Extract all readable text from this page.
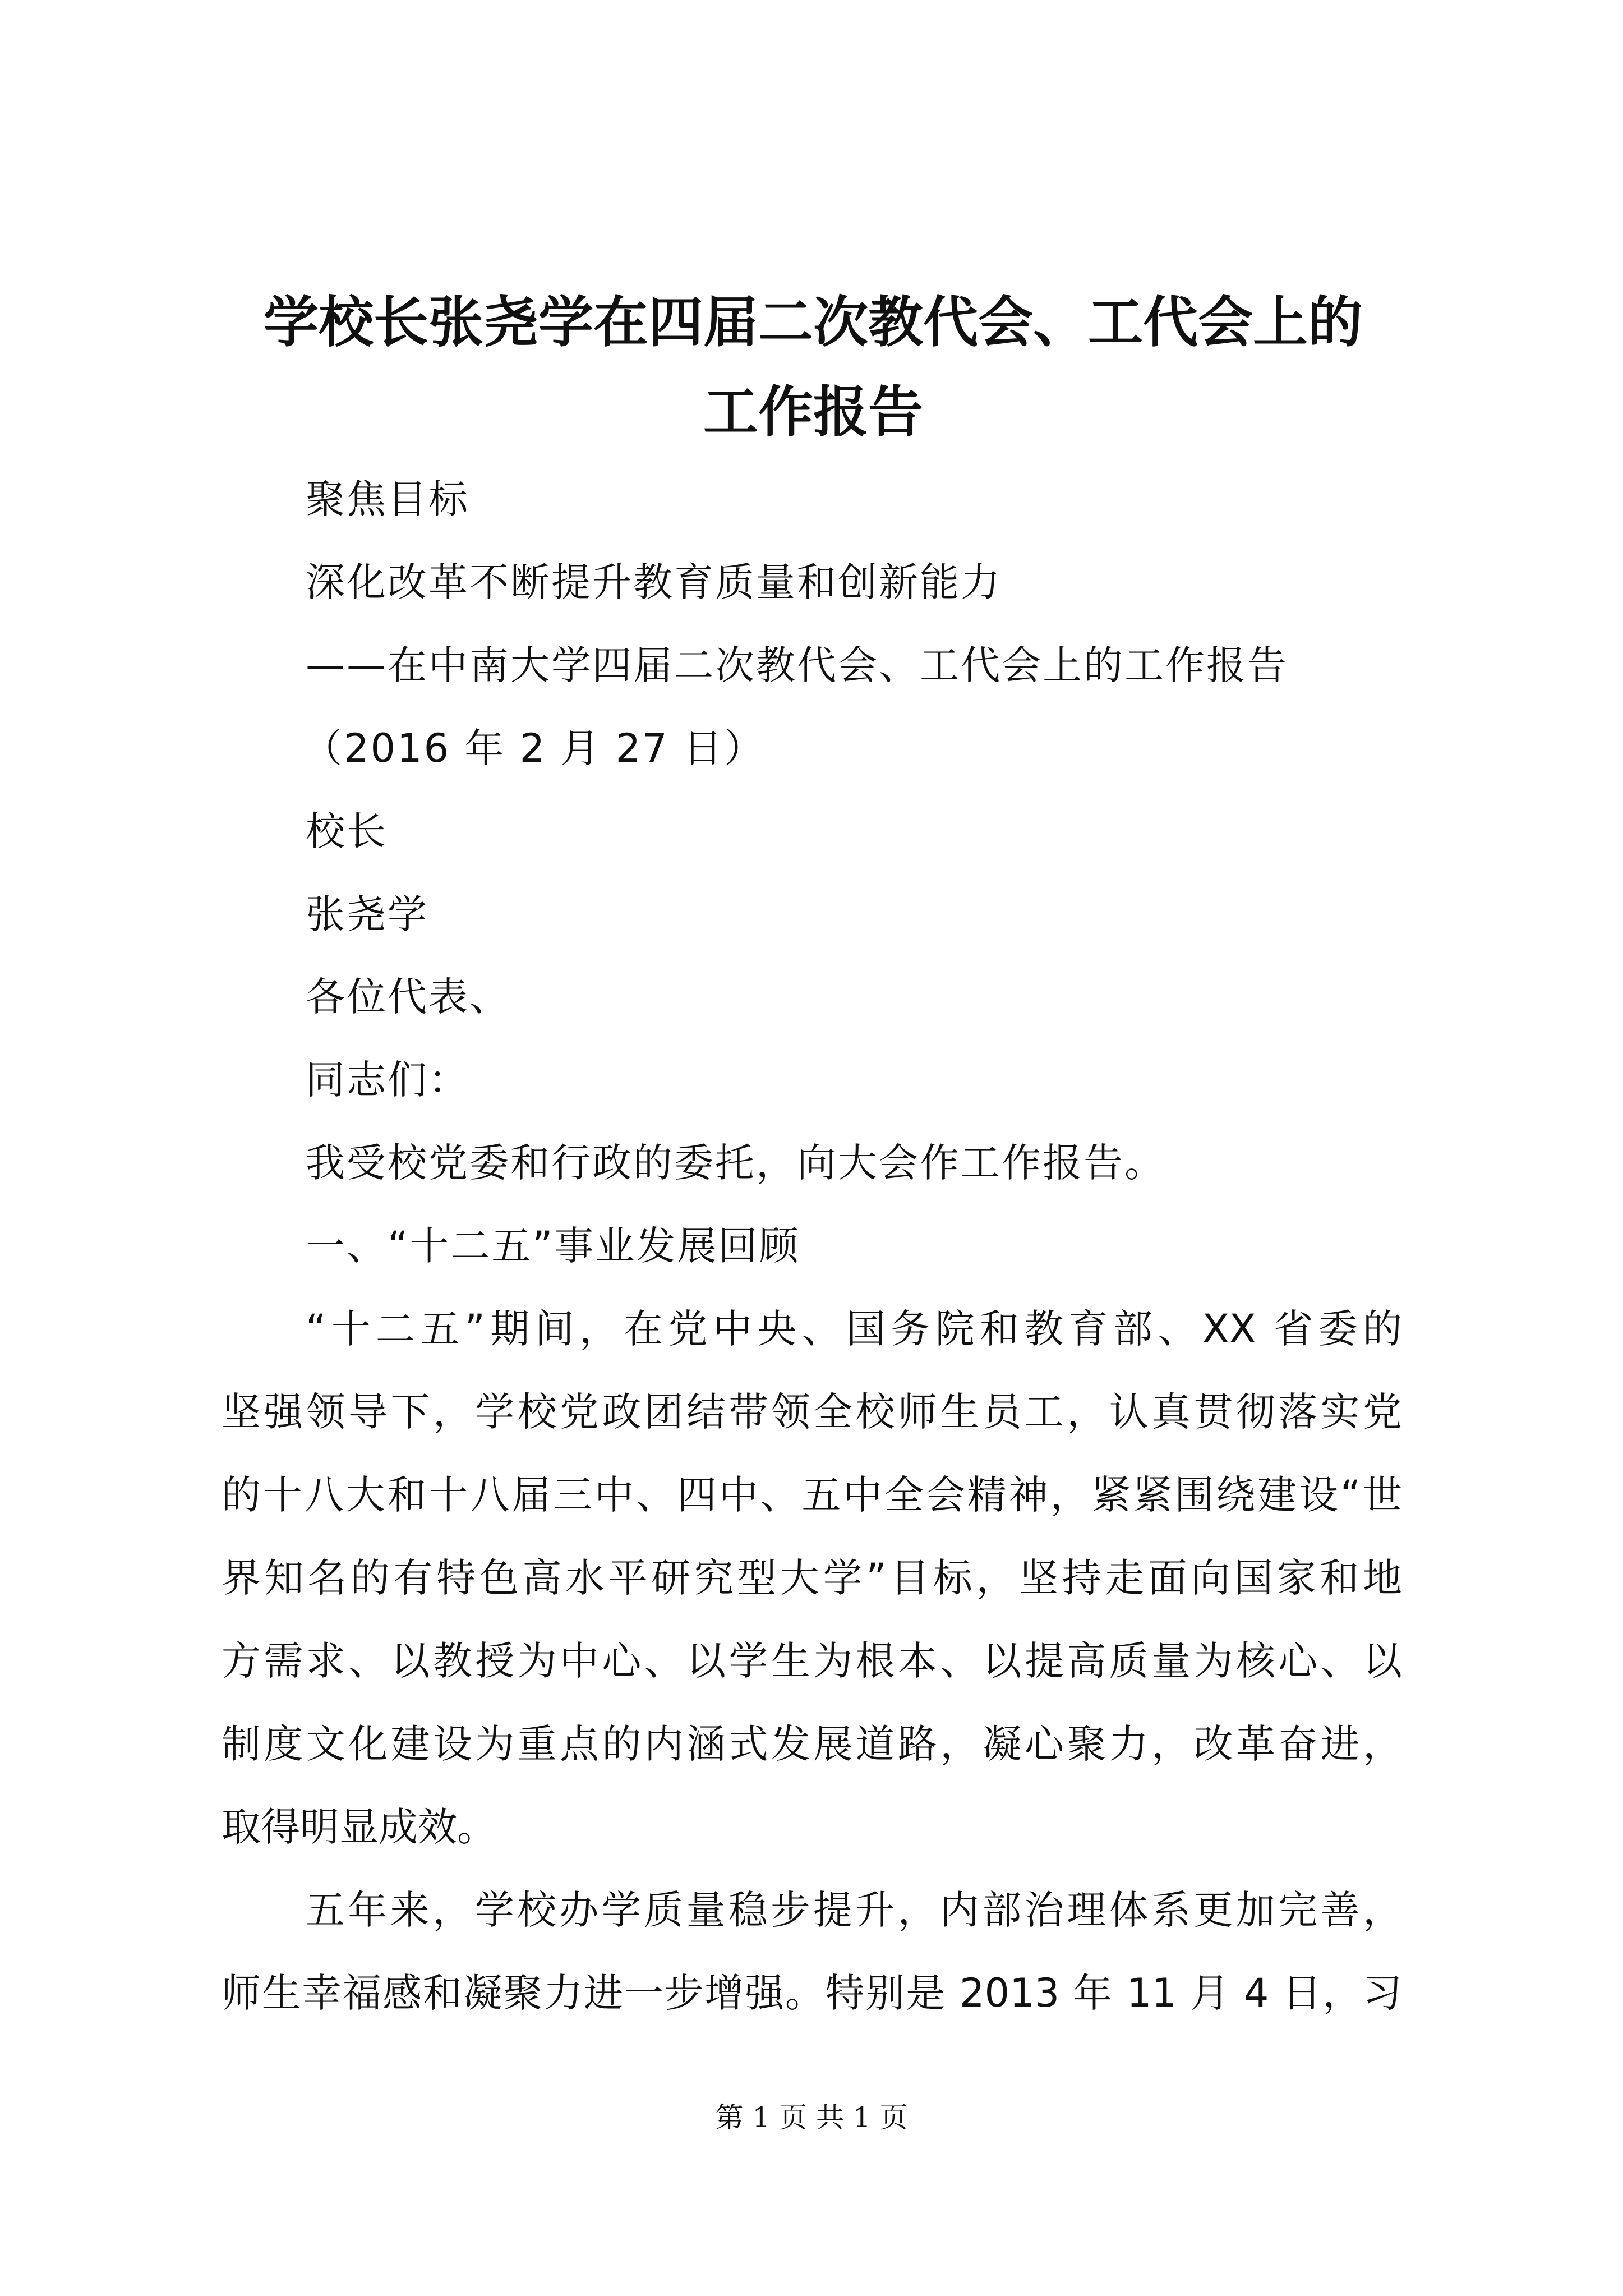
学校长张尧学在四届二次教代会、工代会上的
工作报告
聚焦目标
深化改革不断提升教育质量和创新能力
——在中南大学四届二次教代会、工代会上的工作报告
（2016 年 2 月 27 日）
校长
张尧学
各位代表、
同志们：
我受校党委和行政的委托，向大会作工作报告。
一、“十二五”事业发展回顾
“十二五”期间，在党中央、国务院和教育部、XX 省委的
坚强领导下，学校党政团结带领全校师生员工，认真贯彻落实党
的十八大和十八届三中、四中、五中全会精神，紧紧围绕建设“世
界知名的有特色高水平研究型大学”目标，坚持走面向国家和地
方需求、以教授为中心、以学生为根本、以提高质量为核心、以
制度文化建设为重点的内涵式发展道路，凝心聚力，改革奋进，
取得明显成效。
五年来，学校办学质量稳步提升，内部治理体系更加完善，
师生幸福感和凝聚力进一步增强。特别是 2013 年 11 月 4 日，习
第 1 页 共 1 页
